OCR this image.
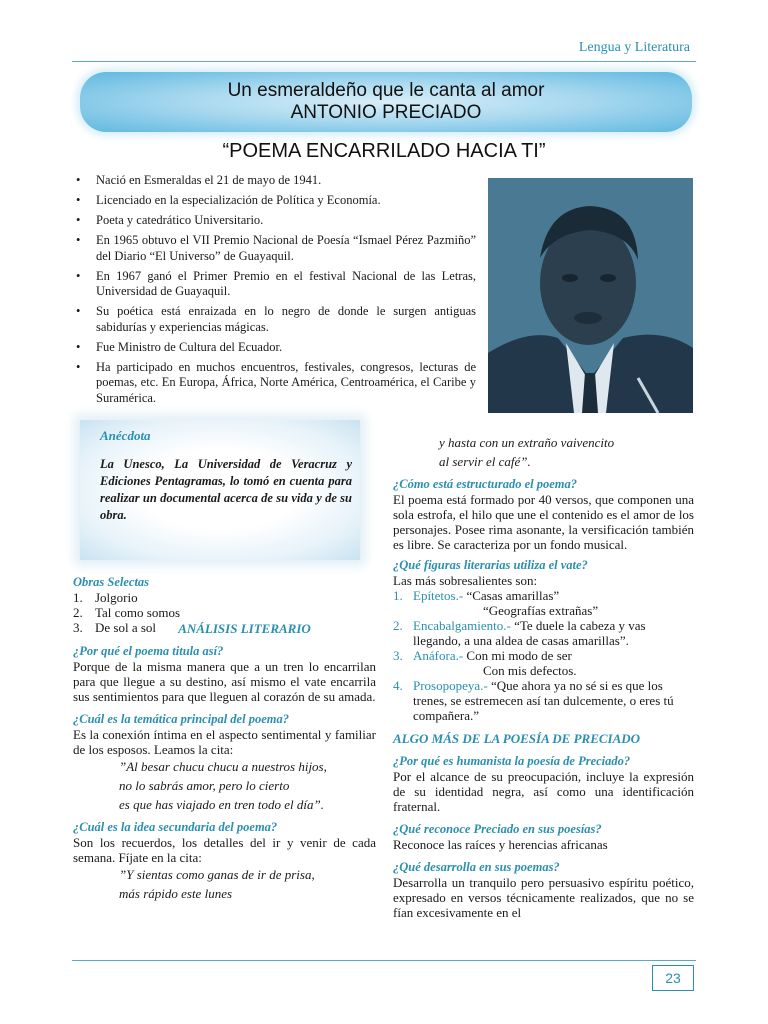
Lengua y Literatura
Un esmeraldeño que le canta al amor
ANTONIO PRECIADO
“POEMA ENCARRILADO HACIA TI”
• Nació en Esmeraldas el 21 de mayo de 1941.
• Licenciado en la especialización de Política y Economía.
• Poeta y catedrático Universitario.
• En 1965 obtuvo el VII Premio Nacional de Poesía “Ismael Pérez Pazmiño” del Diario “El Universo” de Guayaquil.
• En 1967 ganó el Primer Premio en el festival Nacional de las Letras, Universidad de Guayaquil.
• Su poética está enraizada en lo negro de donde le surgen antiguas sabidurías y experiencias mágicas.
• Fue Ministro de Cultura del Ecuador.
• Ha participado en muchos encuentros, festivales, congresos, lecturas de poemas, etc. En Europa, África, Norte América, Centroamérica, el Caribe y Suramérica.
Anécdota
La Unesco, La Universidad de Veracruz y Ediciones Pentagramas, lo tomó en cuenta para realizar un documental acerca de su vida y de su obra.
Obras Selectas
1. Jolgorio
2. Tal como somos
3. De sol a sol	ANÁLISIS LITERARIO
¿Por qué el poema titula así?
Porque de la misma manera que a un tren lo encarrilan para que llegue a su destino, así mismo el vate encarrila sus sentimientos para que lleguen al corazón de su amada.
¿Cuál es la temática principal del poema?
Es la conexión íntima en el aspecto sentimental y familiar de los esposos. Leamos la cita:
”Al besar chucu chucu a nuestros hijos,
no lo sabrás amor, pero lo cierto
es que has viajado en tren todo el día”.
¿Cuál es la idea secundaria del poema?
Son los recuerdos, los detalles del ir y venir de cada semana. Fíjate en la cita:
”Y sientas como ganas de ir de prisa,
más rápido este lunes
y hasta con un extraño vaivencito
al servir el café”.
¿Cómo está estructurado el poema?
El poema está formado por 40 versos, que componen una sola estrofa, el hilo que une el contenido es el amor de los personajes. Posee rima asonante, la versificación también es libre. Se caracteriza por un fondo musical.
¿Qué figuras literarias utiliza el vate?
Las más sobresalientes son:
1. Epítetos.- “Casas amarillas”
“Geografías extrañas”
2. Encabalgamiento.- “Te duele la cabeza y vas llegando, a una aldea de casas amarillas”.
3. Anáfora.- Con mi modo de ser
Con mis defectos.
4. Prosopopeya.- “Que ahora ya no sé si es que los trenes, se estremecen así tan dulcemente, o eres tú compañera.”
ALGO MÁS DE LA POESÍA DE PRECIADO
¿Por qué es humanista la poesía de Preciado?
Por el alcance de su preocupación, incluye la expresión de su identidad negra, así como una identificación fraternal.
¿Qué reconoce Preciado en sus poesías?
Reconoce las raíces y herencias africanas
¿Qué desarrolla en sus poemas?
Desarrolla un tranquilo pero persuasivo espíritu poético, expresado en versos técnicamente realizados, que no se fían excesivamente en el
23
